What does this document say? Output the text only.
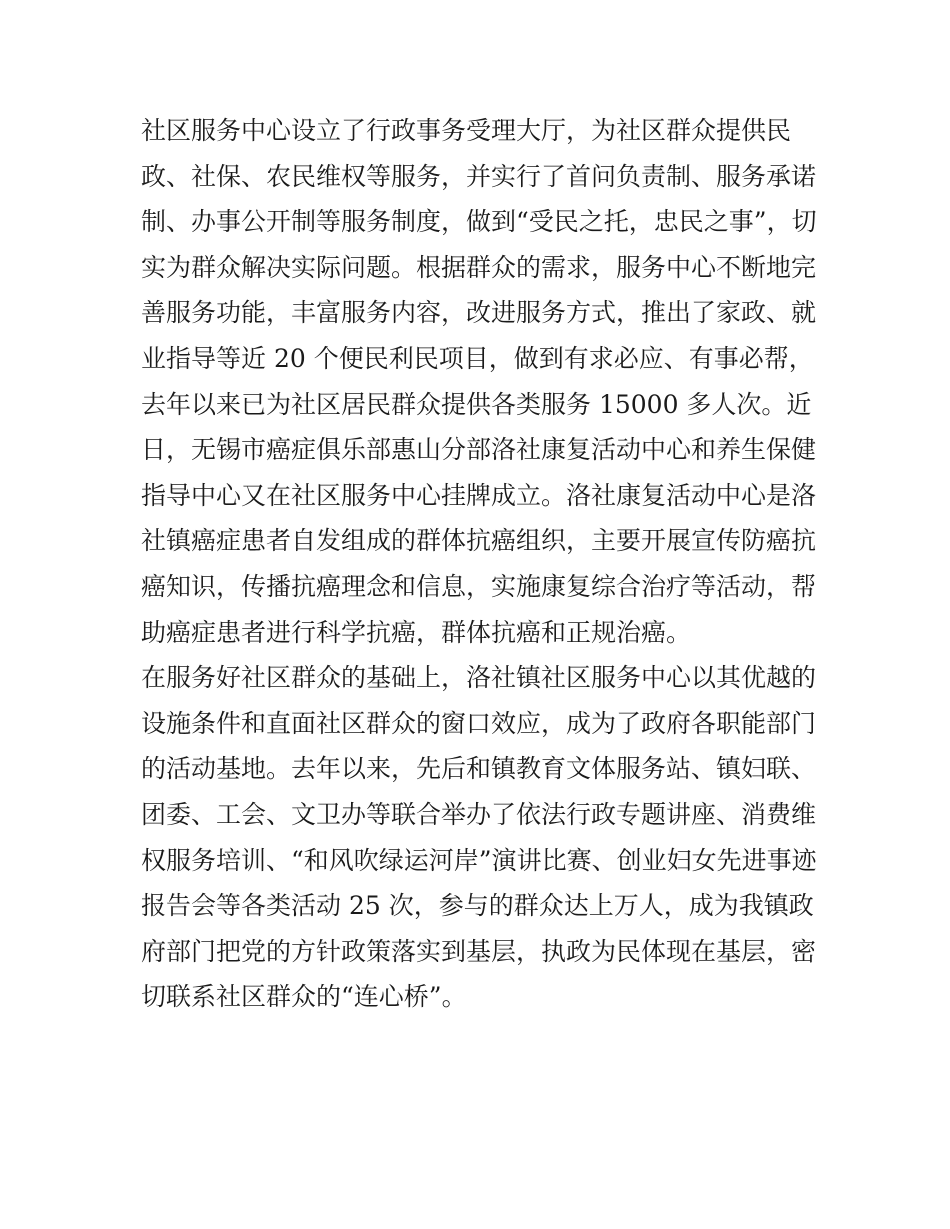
社区服务中心设立了行政事务受理大厅，为社区群众提供民
政、社保、农民维权等服务，并实行了首问负责制、服务承诺
制、办事公开制等服务制度，做到“受民之托，忠民之事”，切
实为群众解决实际问题。根据群众的需求，服务中心不断地完
善服务功能，丰富服务内容，改进服务方式，推出了家政、就
业指导等近 20 个便民利民项目，做到有求必应、有事必帮，
去年以来已为社区居民群众提供各类服务 15000 多人次。近
日，无锡市癌症俱乐部惠山分部洛社康复活动中心和养生保健
指导中心又在社区服务中心挂牌成立。洛社康复活动中心是洛
社镇癌症患者自发组成的群体抗癌组织，主要开展宣传防癌抗
癌知识，传播抗癌理念和信息，实施康复综合治疗等活动，帮
助癌症患者进行科学抗癌，群体抗癌和正规治癌。

在服务好社区群众的基础上，洛社镇社区服务中心以其优越的
设施条件和直面社区群众的窗口效应，成为了政府各职能部门
的活动基地。去年以来，先后和镇教育文体服务站、镇妇联、
团委、工会、文卫办等联合举办了依法行政专题讲座、消费维
权服务培训、“和风吹绿运河岸”演讲比赛、创业妇女先进事迹
报告会等各类活动 25 次，参与的群众达上万人，成为我镇政
府部门把党的方针政策落实到基层，执政为民体现在基层，密
切联系社区群众的“连心桥”。
